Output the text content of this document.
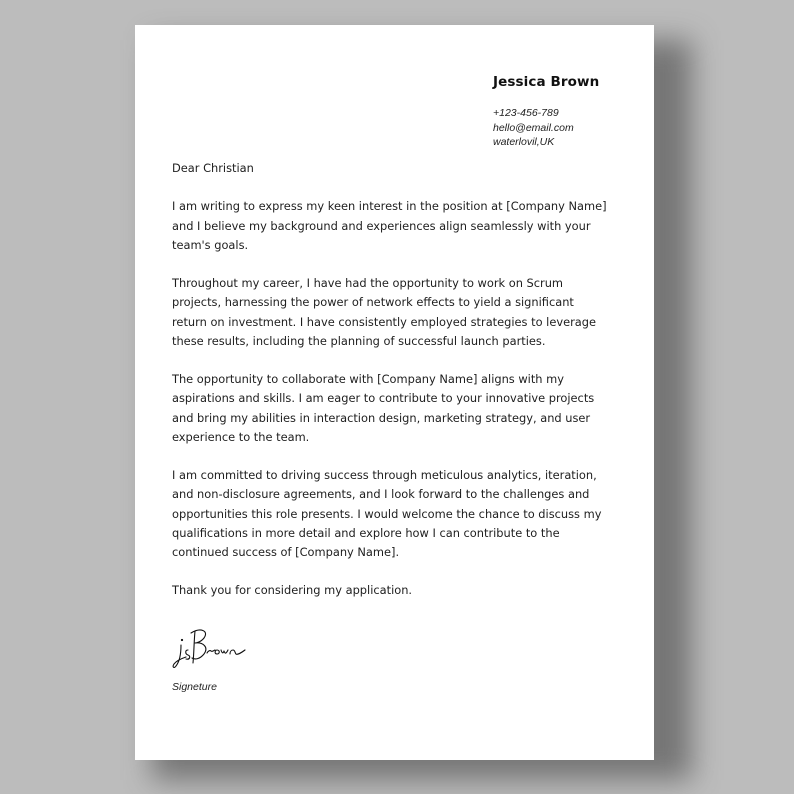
Jessica Brown
+123-456-789
hello@email.com
waterlovil,UK

Dear Christian

I am writing to express my keen interest in the position at [Company Name]
and I believe my background and experiences align seamlessly with your
team's goals.

Throughout my career, I have had the opportunity to work on Scrum
projects, harnessing the power of network effects to yield a significant
return on investment. I have consistently employed strategies to leverage
these results, including the planning of successful launch parties.

The opportunity to collaborate with [Company Name] aligns with my
aspirations and skills. I am eager to contribute to your innovative projects
and bring my abilities in interaction design, marketing strategy, and user
experience to the team.

I am committed to driving success through meticulous analytics, iteration,
and non-disclosure agreements, and I look forward to the challenges and
opportunities this role presents. I would welcome the chance to discuss my
qualifications in more detail and explore how I can contribute to the
continued success of [Company Name].

Thank you for considering my application.

Signeture
